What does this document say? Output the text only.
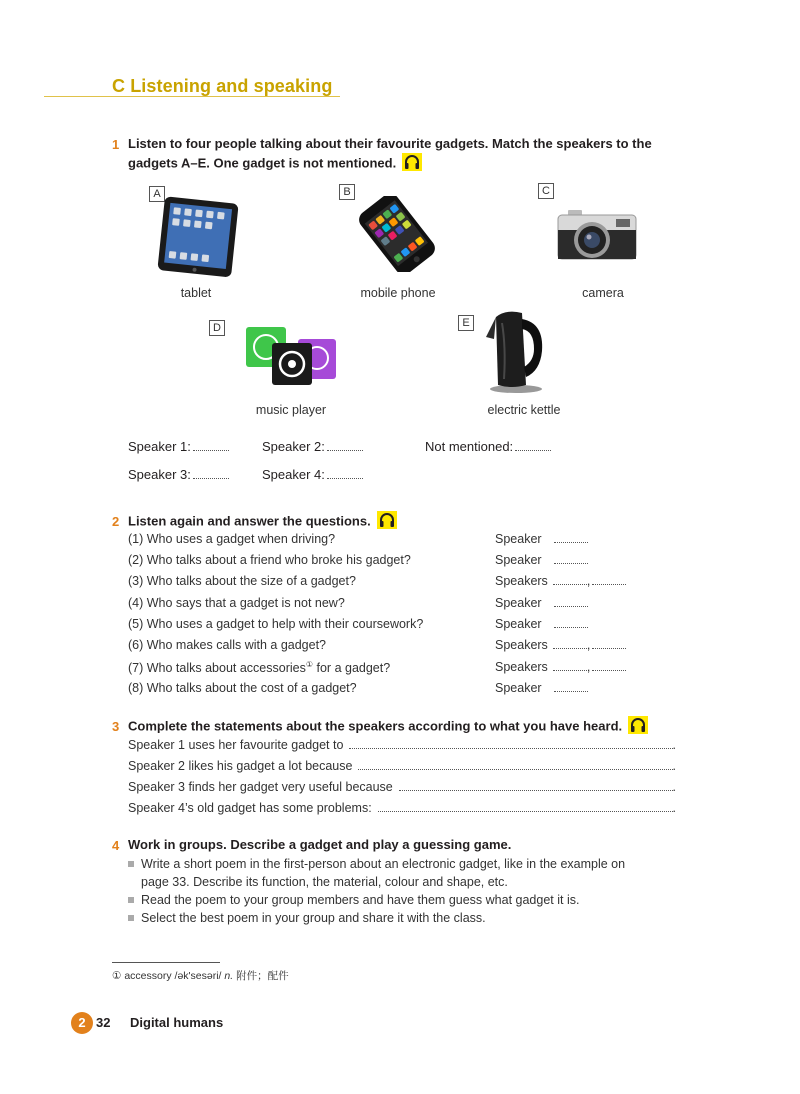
C Listening and speaking
1 Listen to four people talking about their favourite gadgets. Match the speakers to the
gadgets A–E. One gadget is not mentioned.
A
tablet
B
mobile phone
C
camera
D
music player
E
electric kettle
Speaker 1:	Speaker 2:	Not mentioned:
Speaker 3:	Speaker 4:
2 Listen again and answer the questions.
(1) Who uses a gadget when driving?	Speaker
(2) Who talks about a friend who broke his gadget?	Speaker
(3) Who talks about the size of a gadget?	Speakers	,
(4) Who says that a gadget is not new?	Speaker
(5) Who uses a gadget to help with their coursework?	Speaker
(6) Who makes calls with a gadget?	Speakers	,
(7) Who talks about accessories① for a gadget?	Speakers	,
(8) Who talks about the cost of a gadget?	Speaker
3 Complete the statements about the speakers according to what you have heard.
Speaker 1 uses her favourite gadget to	.
Speaker 2 likes his gadget a lot because	.
Speaker 3 finds her gadget very useful because	.
Speaker 4’s old gadget has some problems:	.
4 Work in groups. Describe a gadget and play a guessing game.
Write a short poem in the first-person about an electronic gadget, like in the example on
page 33. Describe its function, the material, colour and shape, etc.
Read the poem to your group members and have them guess what gadget it is.
Select the best poem in your group and share it with the class.
① accessory /ək'sesəri/ n. 附件；配件
2 32 Digital humans
